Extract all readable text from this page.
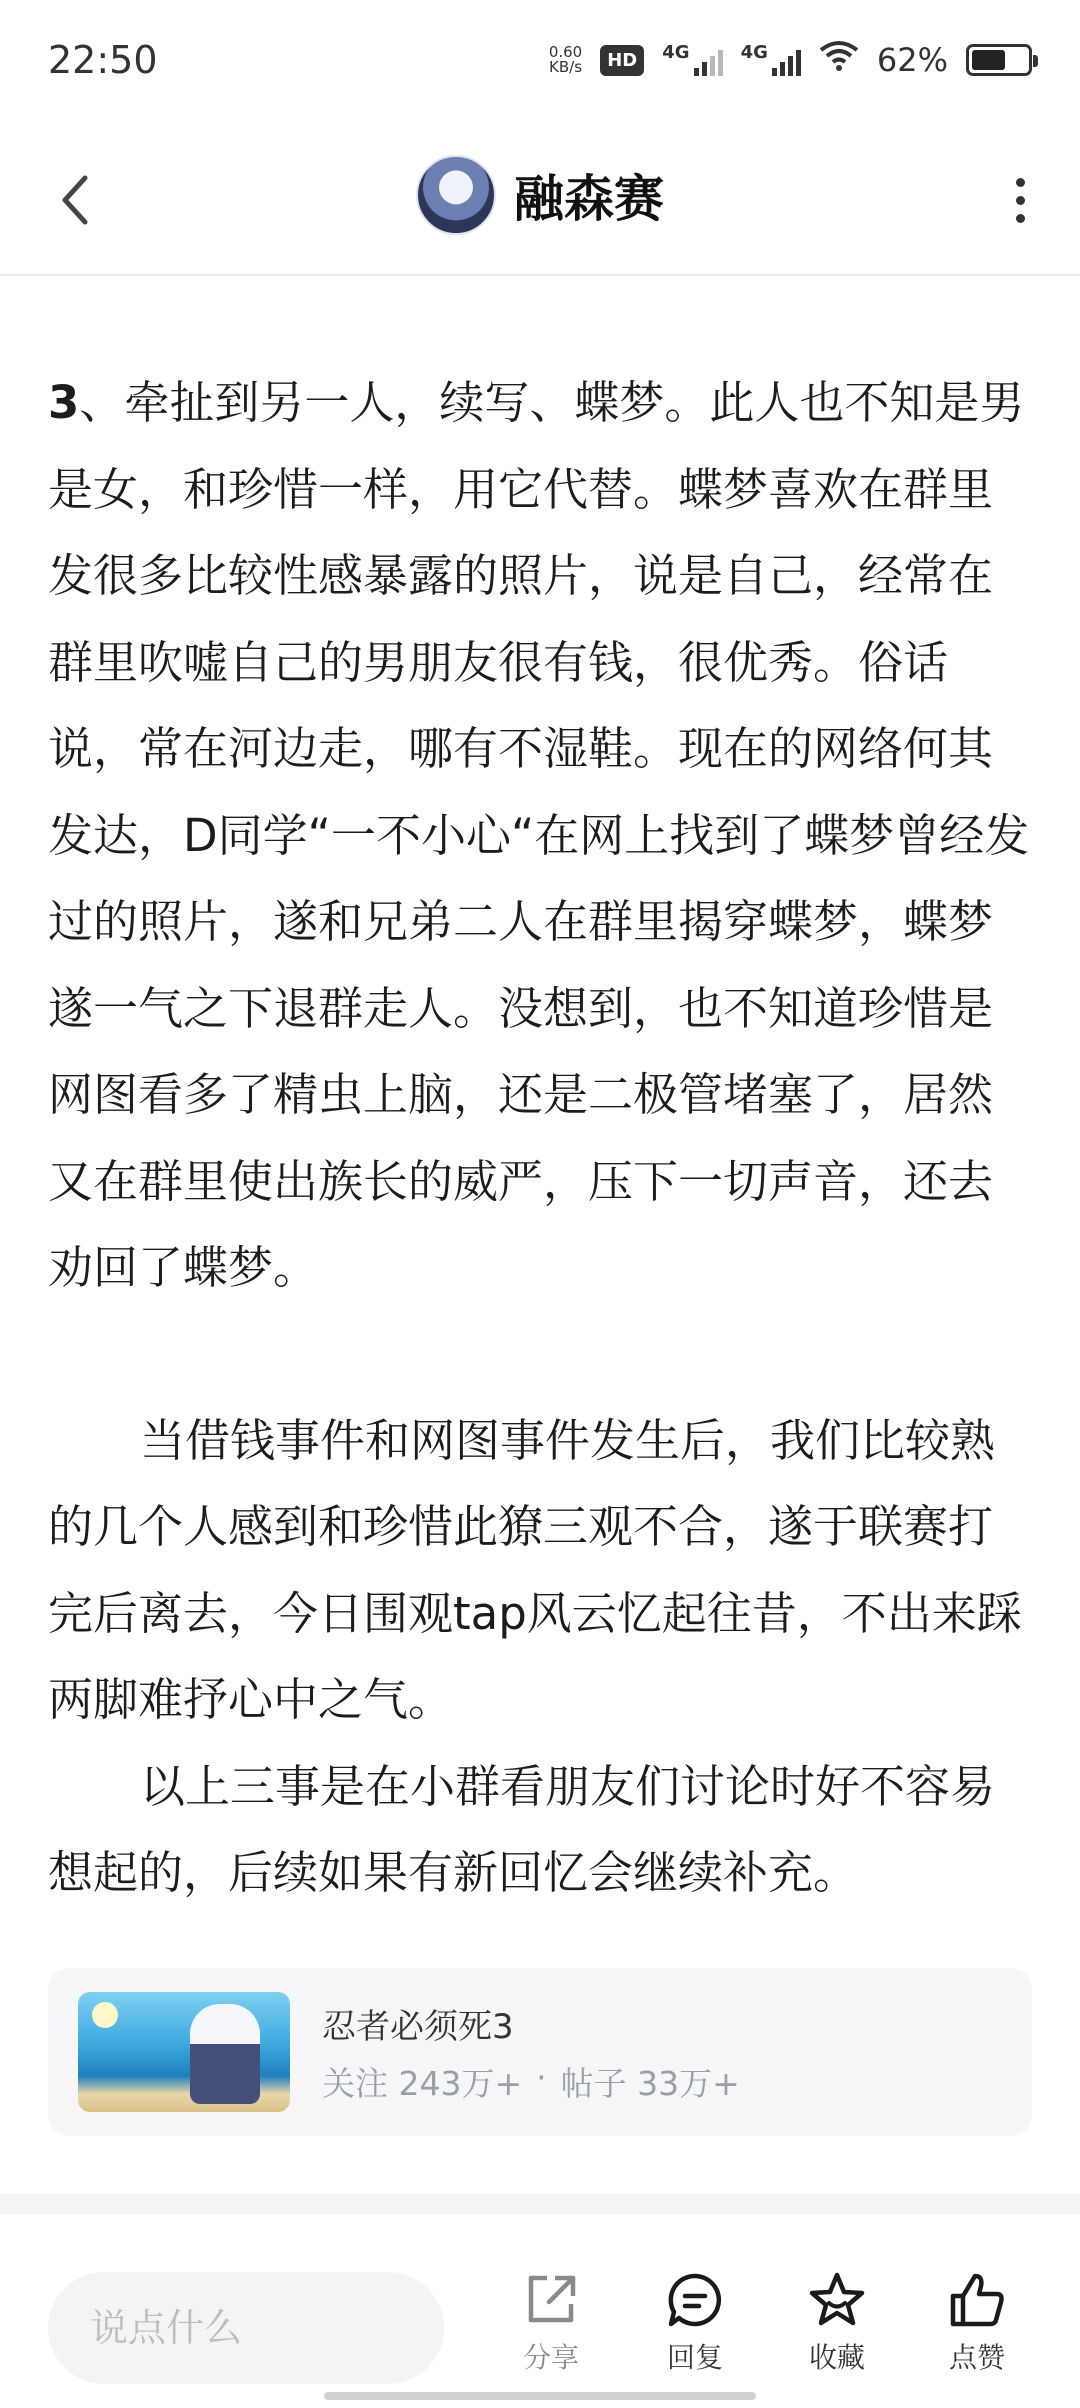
22:50	0.60
KB/s	HD	4G	4G	62%
融森赛

3、牵扯到另一人，续写、蝶梦。此人也不知是男是女，和珍惜一样，用它代替。蝶梦喜欢在群里发很多比较性感暴露的照片，说是自己，经常在群里吹嘘自己的男朋友很有钱，很优秀。俗话说，常在河边走，哪有不湿鞋。现在的网络何其发达，D同学“一不小心“在网上找到了蝶梦曾经发过的照片，遂和兄弟二人在群里揭穿蝶梦，蝶梦遂一气之下退群走人。没想到，也不知道珍惜是网图看多了精虫上脑，还是二极管堵塞了，居然又在群里使出族长的威严，压下一切声音，还去劝回了蝶梦。

当借钱事件和网图事件发生后，我们比较熟的几个人感到和珍惜此獠三观不合，遂于联赛打完后离去，今日围观tap风云忆起往昔，不出来踩两脚难抒心中之气。

以上三事是在小群看朋友们讨论时好不容易想起的，后续如果有新回忆会继续补充。

忍者必须死3
关注 243万+ · 帖子 33万+
说点什么
分享	回复	收藏	点赞
